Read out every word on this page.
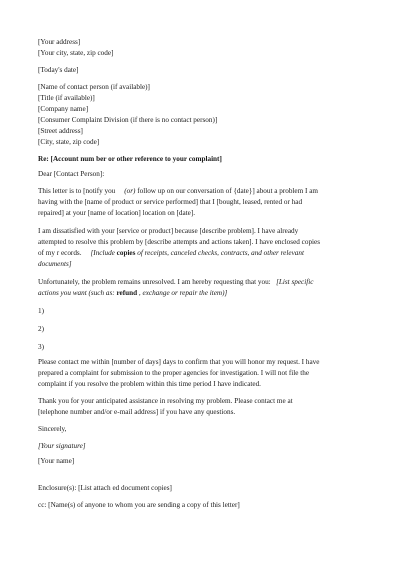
[Your address]
[Your city, state, zip code]
[Today's date]
[Name of contact person (if available)]
[Title (if available)]
[Company name]
[Consumer Complaint Division (if there is no contact person)]
[Street address]
[City, state, zip code]
Re: [Account num ber or other reference to your complaint]
Dear [Contact Person]:
This letter is to [notify you (or) follow up on our conversation of {date}] about a problem I am
having with the [name of product or service performed] that I [bought, leased, rented or had
repaired] at your [name of location] location on [date].
I am dissatisfied with your [service or product] because [describe problem]. I have already
attempted to resolve this problem by [describe attempts and actions taken]. I have enclosed copies
of my r ecords. [Include copies of receipts, canceled checks, contracts, and other relevant
documents]
Unfortunately, the problem remains unresolved. I am hereby requesting that you: [List specific
actions you want (such as: refund , exchange or repair the item)]
1)
2)
3)
Please contact me within [number of days] days to confirm that you will honor my request. I have
prepared a complaint for submission to the proper agencies for investigation. I will not file the
complaint if you resolve the problem within this time period I have indicated.
Thank you for your anticipated assistance in resolving my problem. Please contact me at
[telephone number and/or e-mail address] if you have any questions.
Sincerely,
[Your signature]
[Your name]
Enclosure(s): [List attach ed document copies]
cc: [Name(s) of anyone to whom you are sending a copy of this letter]
